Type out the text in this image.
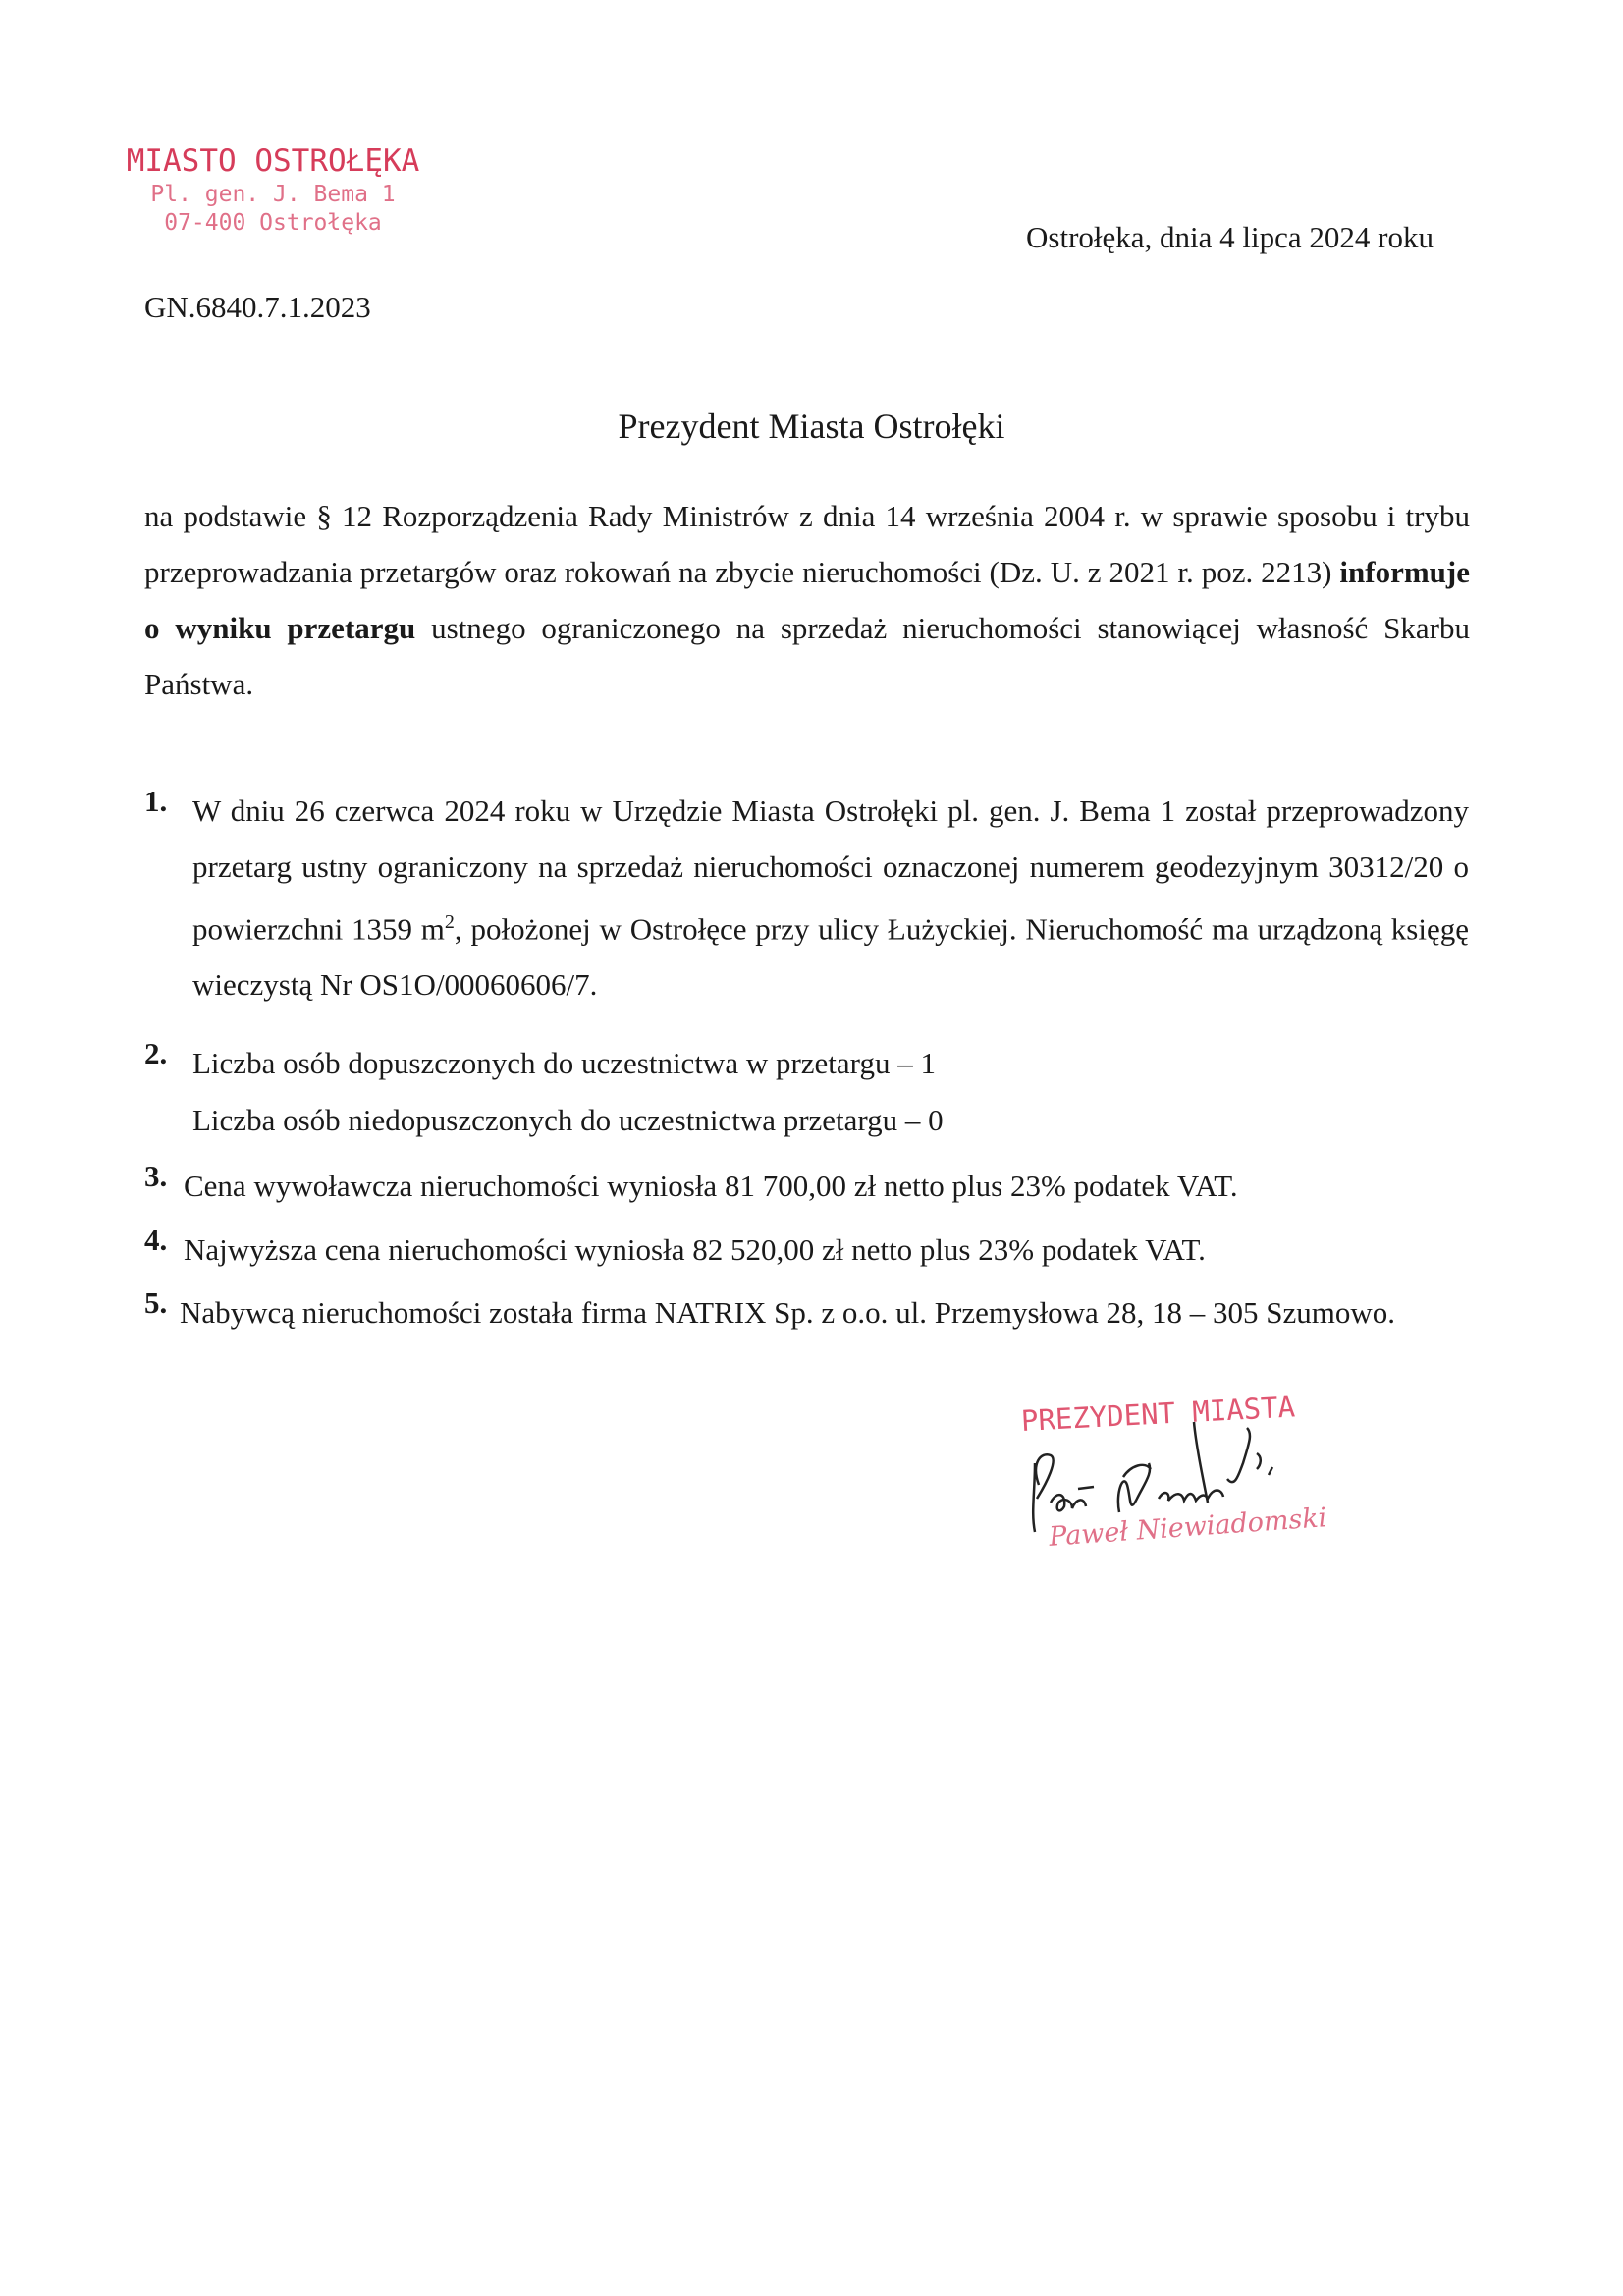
MIASTO OSTROŁĘKA
Pl. gen. J. Bema 1
07-400 Ostrołęka	Ostrołęka, dnia 4 lipca 2024 roku
GN.6840.7.1.2023
Prezydent Miasta Ostrołęki
na podstawie § 12 Rozporządzenia Rady Ministrów z dnia 14 września 2004 r. w sprawie sposobu i trybu przeprowadzania przetargów oraz rokowań na zbycie nieruchomości (Dz. U. z 2021 r. poz. 2213) informuje o wyniku przetargu ustnego ograniczonego na sprzedaż nieruchomości stanowiącej własność Skarbu Państwa.
1. W dniu 26 czerwca 2024 roku w Urzędzie Miasta Ostrołęki pl. gen. J. Bema 1 został przeprowadzony przetarg ustny ograniczony na sprzedaż nieruchomości oznaczonej numerem geodezyjnym 30312/20 o powierzchni 1359 $m^2$, położonej w Ostrołęce przy ulicy Łużyckiej. Nieruchomość ma urządzoną księgę wieczystą Nr OS1O/00060606/7.
2. Liczba osób dopuszczonych do uczestnictwa w przetargu – 1
Liczba osób niedopuszczonych do uczestnictwa przetargu – 0
3. Cena wywoławcza nieruchomości wyniosła 81 700,00 zł netto plus 23% podatek VAT.
4. Najwyższa cena nieruchomości wyniosła 82 520,00 zł netto plus 23% podatek VAT.
5. Nabywcą nieruchomości została firma NATRIX Sp. z o.o. ul. Przemysłowa 28, 18 – 305 Szumowo.
PREZYDENT MIASTA
Paweł Niewiadomski
